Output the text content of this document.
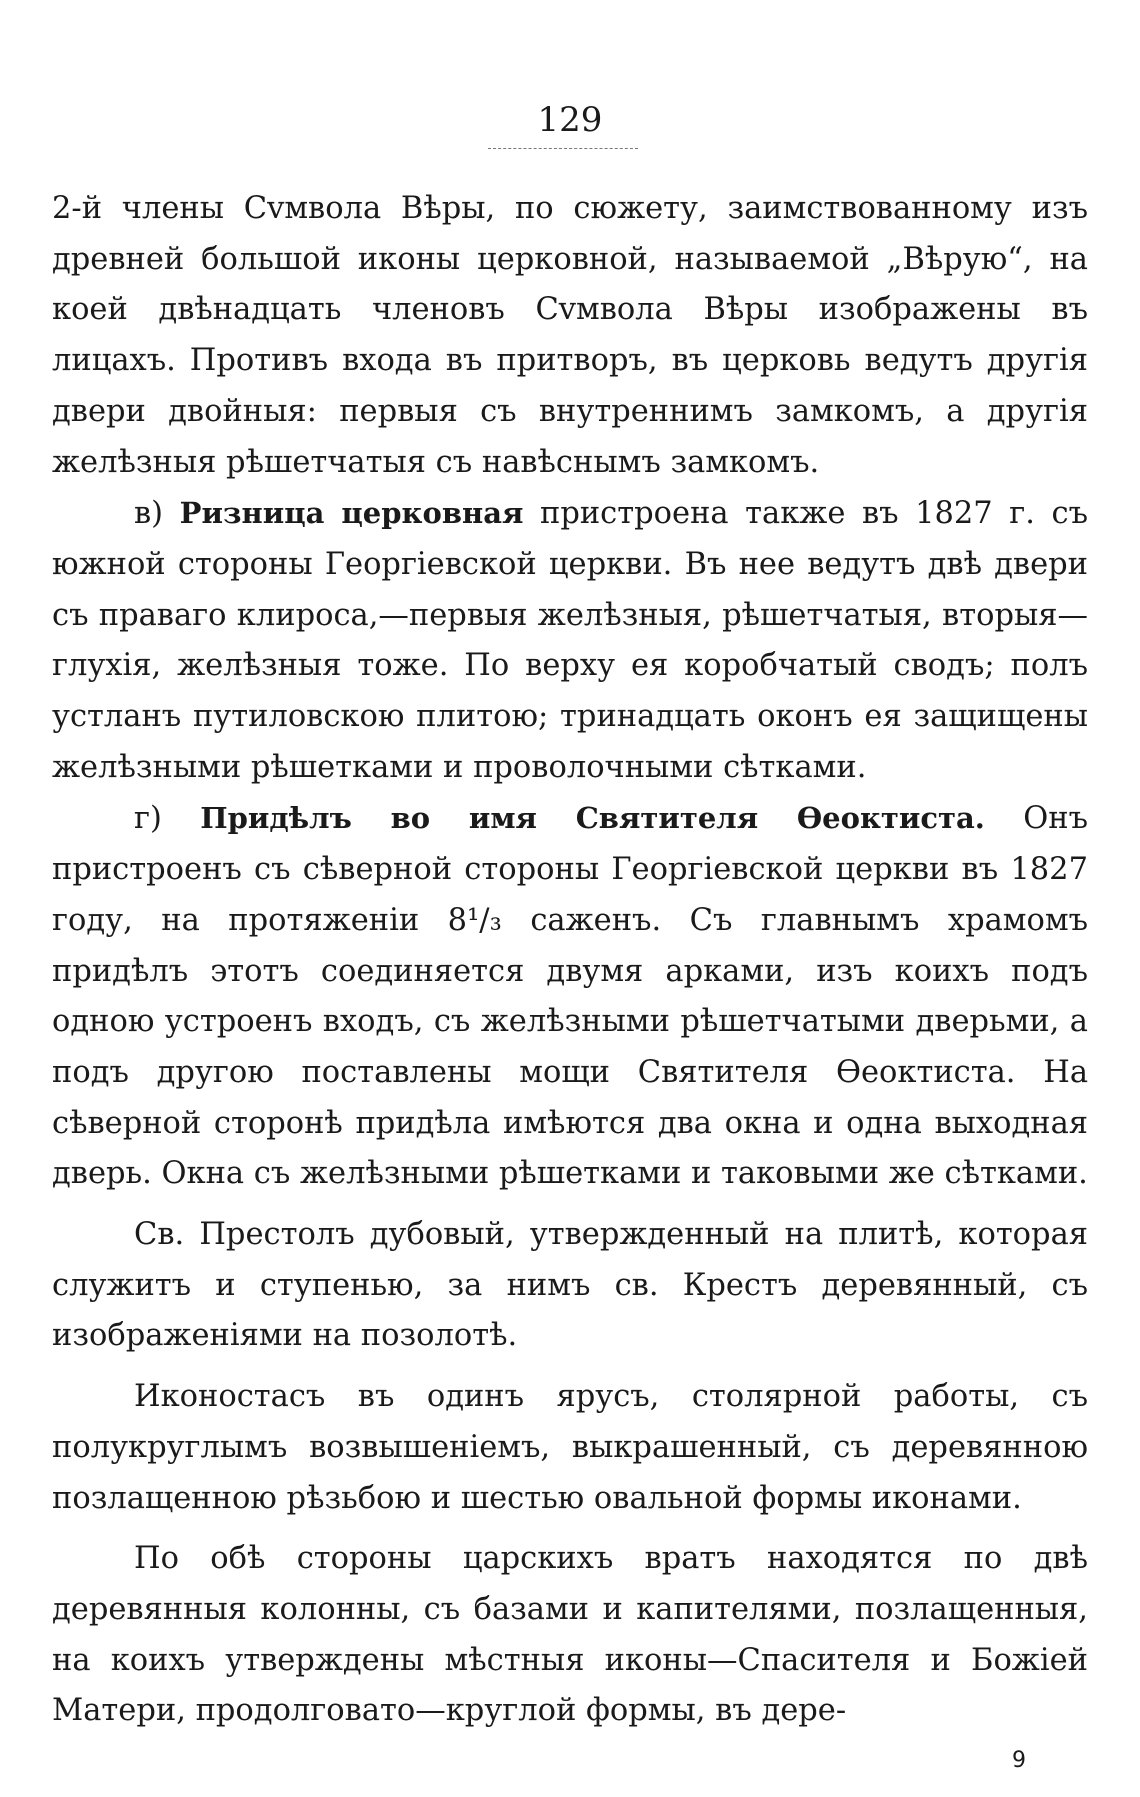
129

2-й члены Сvмвола Вѣры, по сюжету, заимствованному изъ древней большой иконы церковной, называемой „Вѣрую“, на коей двѣнадцать членовъ Сvмвола Вѣры изображены въ лицахъ. Противъ входа въ притворъ, въ церковь ведутъ другія двери двойныя: первыя съ внутреннимъ замкомъ, а другія желѣзныя рѣшетчатыя съ навѣснымъ замкомъ.

в) Ризница церковная пристроена также въ 1827 г. съ южной стороны Георгіевской церкви. Въ нее ведутъ двѣ двери съ праваго клироса,—первыя желѣзныя, рѣшетчатыя, вторыя—глухія, желѣзныя тоже. По верху ея коробчатый сводъ; полъ устланъ путиловскою плитою; тринадцать оконъ ея защищены желѣзными рѣшетками и проволочными сѣтками.

г) Придѣлъ во имя Святителя Ѳеоктиста. Онъ пристроенъ съ сѣверной стороны Георгіевской церкви въ 1827 году, на протяженіи 8¹/₃ саженъ. Съ главнымъ храмомъ придѣлъ этотъ соединяется двумя арками, изъ коихъ подъ одною устроенъ входъ, съ желѣзными рѣшетчатыми дверьми, а подъ другою поставлены мощи Святителя Ѳеоктиста. На сѣверной сторонѣ придѣла имѣются два окна и одна выходная дверь. Окна съ желѣзными рѣшетками и таковыми же сѣтками.

Св. Престолъ дубовый, утвержденный на плитѣ, которая служитъ и ступенью, за нимъ св. Крестъ деревянный, съ изображеніями на позолотѣ.

Иконостасъ въ одинъ ярусъ, столярной работы, съ полукруглымъ возвышеніемъ, выкрашенный, съ деревянною позлащенною рѣзьбою и шестью овальной формы иконами.

По обѣ стороны царскихъ вратъ находятся по двѣ деревянныя колонны, съ базами и капителями, позлащенныя, на коихъ утверждены мѣстныя иконы—Спасителя и Божіей Матери, продолговато—круглой формы, въ дере-

9
